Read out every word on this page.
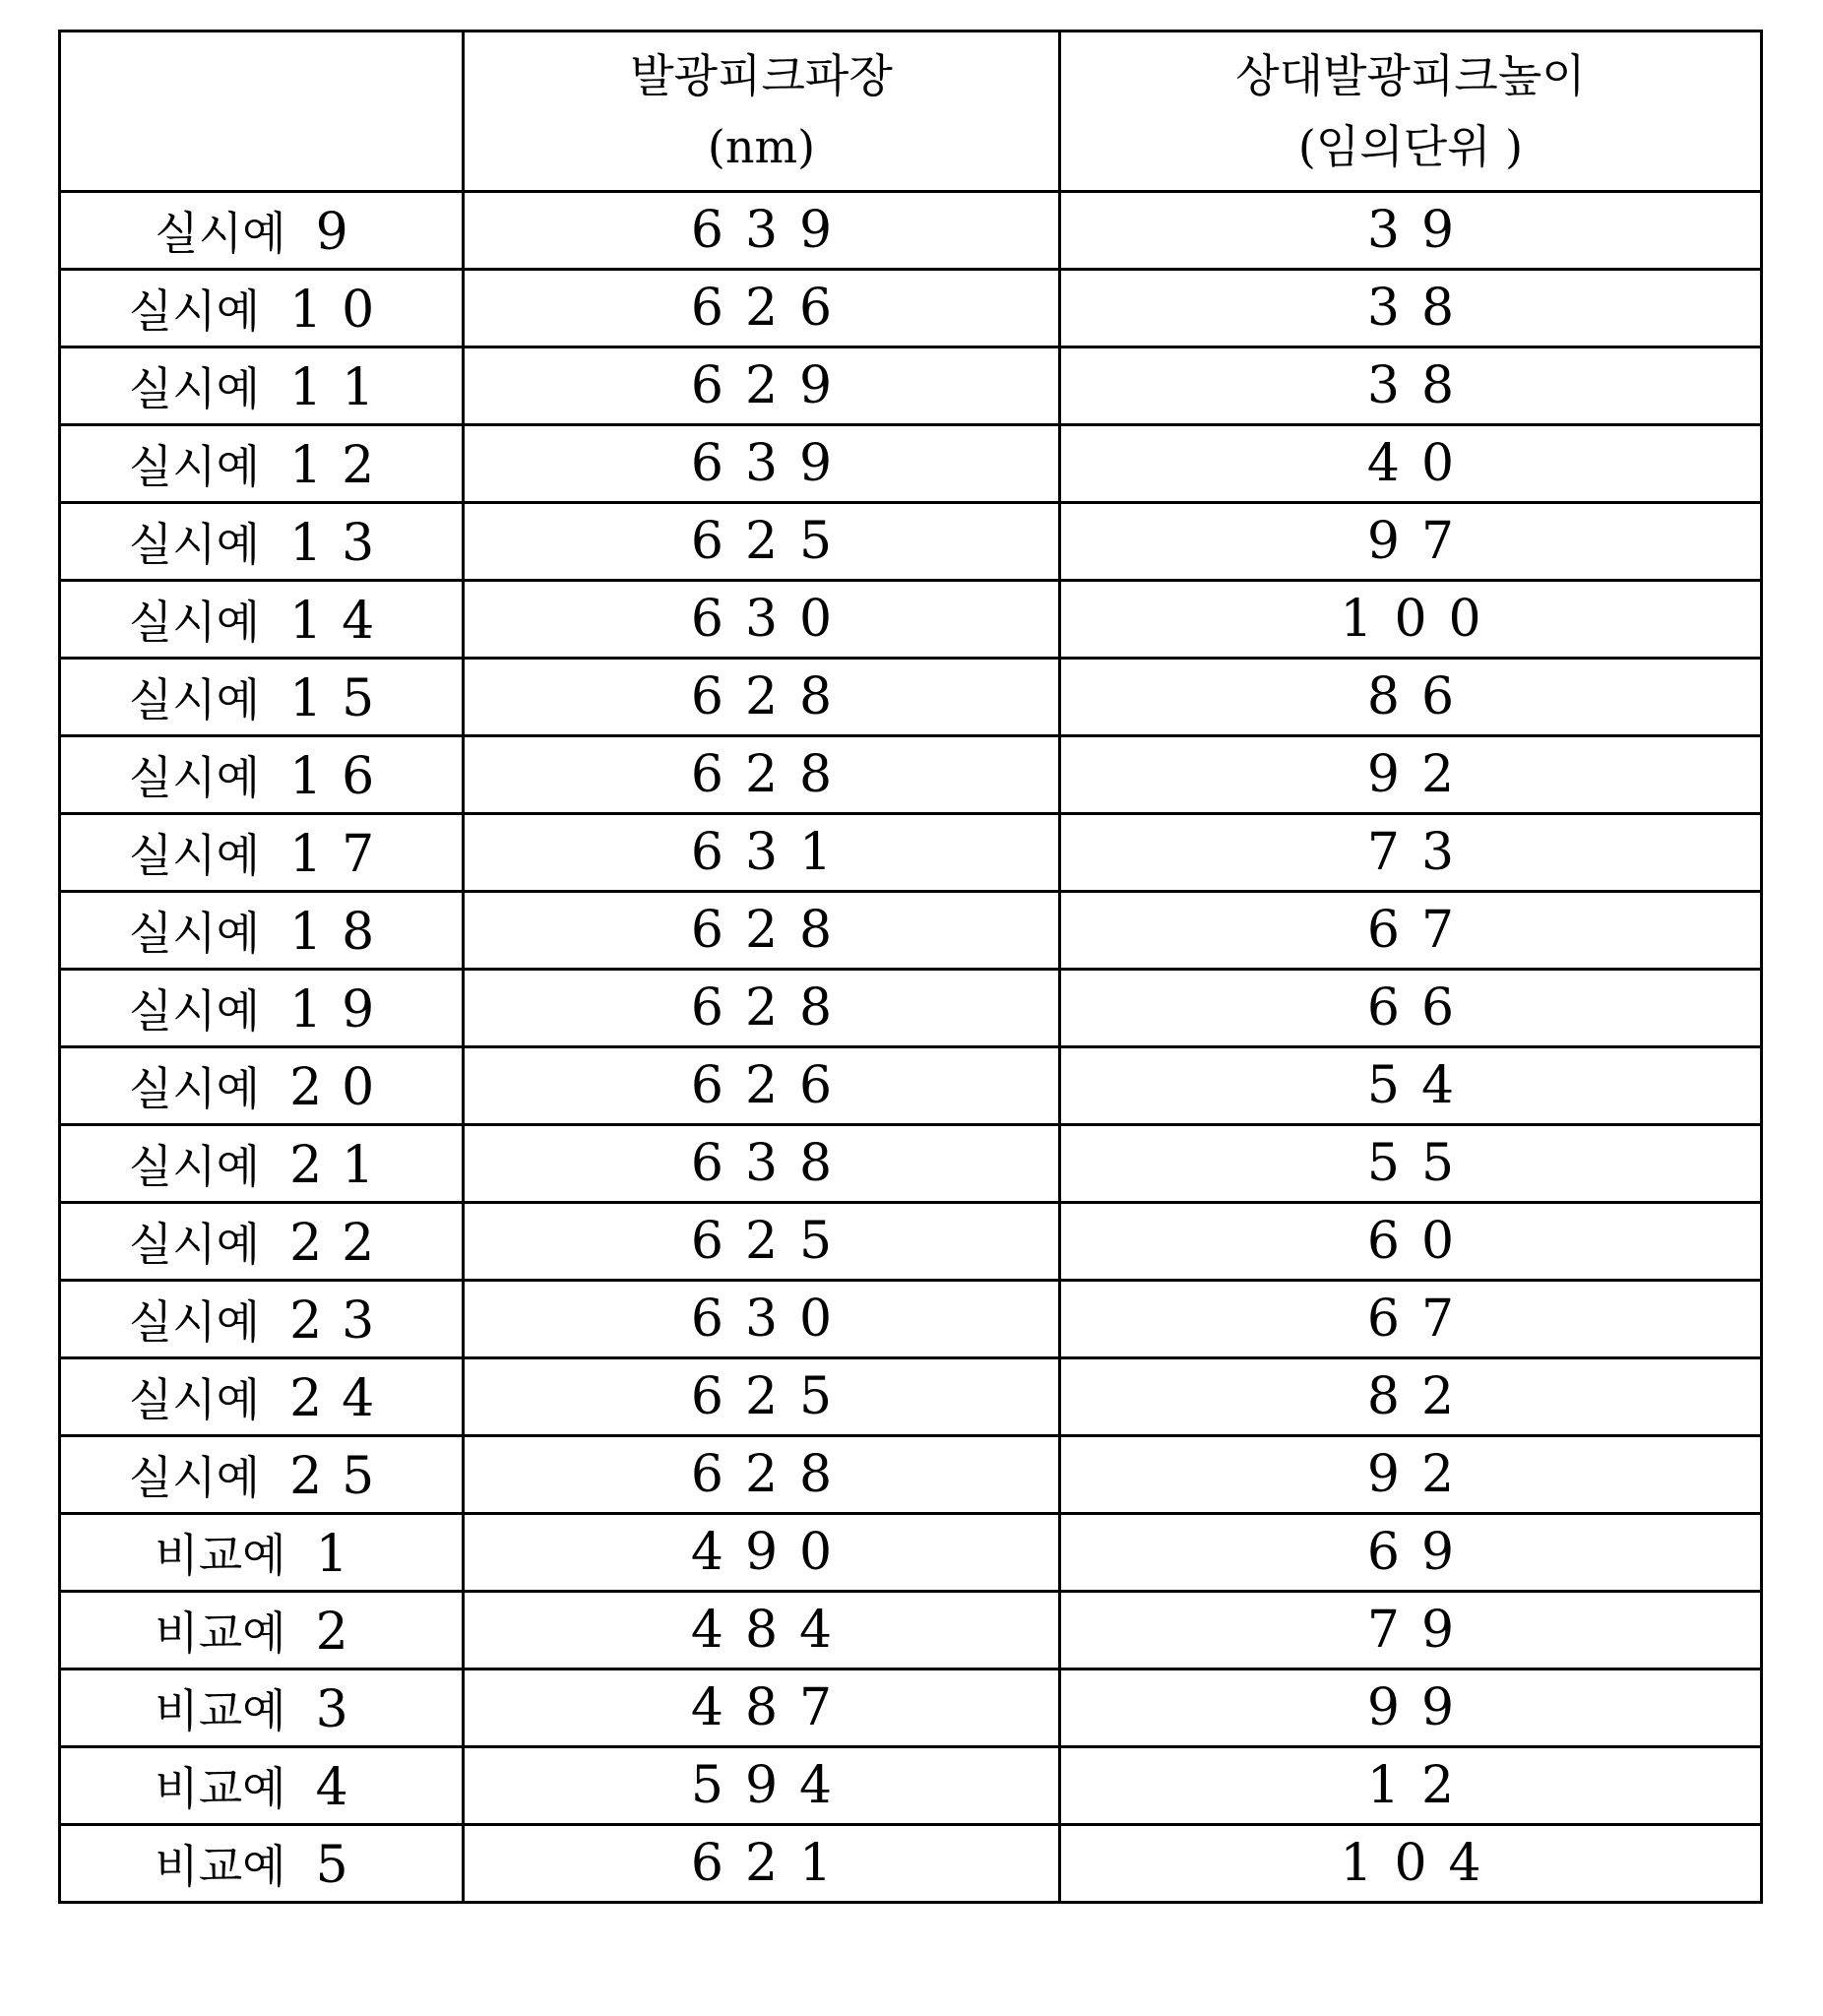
	발광피크파장
(nm)
	상대발광피크높이
(임의단위 )

실시예 9	639	39
실시예 10	626	38
실시예 11	629	38
실시예 12	639	40
실시예 13	625	97
실시예 14	630	100
실시예 15	628	86
실시예 16	628	92
실시예 17	631	73
실시예 18	628	67
실시예 19	628	66
실시예 20	626	54
실시예 21	638	55
실시예 22	625	60
실시예 23	630	67
실시예 24	625	82
실시예 25	628	92
비교예 1	490	69
비교예 2	484	79
비교예 3	487	99
비교예 4	594	12
비교예 5	621	104
